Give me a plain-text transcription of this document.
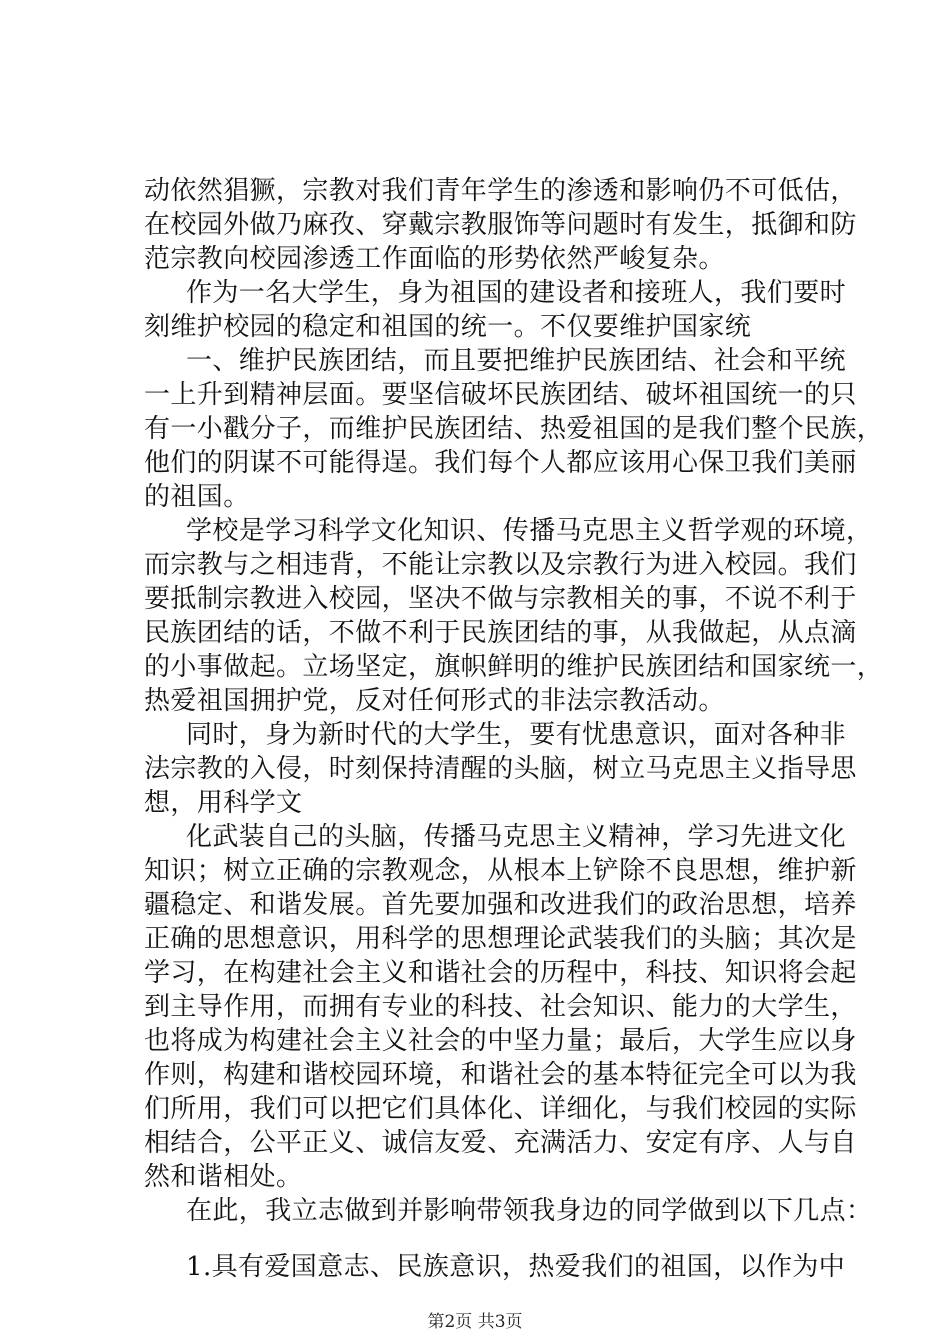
动依然猖獗，宗教对我们青年学生的渗透和影响仍不可低估，
在校园外做乃麻孜、穿戴宗教服饰等问题时有发生，抵御和防
范宗教向校园渗透工作面临的形势依然严峻复杂。
作为一名大学生，身为祖国的建设者和接班人，我们要时
刻维护校园的稳定和祖国的统一。不仅要维护国家统
一、维护民族团结，而且要把维护民族团结、社会和平统
一上升到精神层面。要坚信破坏民族团结、破坏祖国统一的只
有一小戳分子，而维护民族团结、热爱祖国的是我们整个民族，
他们的阴谋不可能得逞。我们每个人都应该用心保卫我们美丽
的祖国。
学校是学习科学文化知识、传播马克思主义哲学观的环境，
而宗教与之相违背，不能让宗教以及宗教行为进入校园。我们
要抵制宗教进入校园，坚决不做与宗教相关的事，不说不利于
民族团结的话，不做不利于民族团结的事，从我做起，从点滴
的小事做起。立场坚定，旗帜鲜明的维护民族团结和国家统一，
热爱祖国拥护党，反对任何形式的非法宗教活动。
同时，身为新时代的大学生，要有忧患意识，面对各种非
法宗教的入侵，时刻保持清醒的头脑，树立马克思主义指导思
想，用科学文
化武装自己的头脑，传播马克思主义精神，学习先进文化
知识；树立正确的宗教观念，从根本上铲除不良思想，维护新
疆稳定、和谐发展。首先要加强和改进我们的政治思想，培养
正确的思想意识，用科学的思想理论武装我们的头脑；其次是
学习，在构建社会主义和谐社会的历程中，科技、知识将会起
到主导作用，而拥有专业的科技、社会知识、能力的大学生，
也将成为构建社会主义社会的中坚力量；最后，大学生应以身
作则，构建和谐校园环境，和谐社会的基本特征完全可以为我
们所用，我们可以把它们具体化、详细化，与我们校园的实际
相结合，公平正义、诚信友爱、充满活力、安定有序、人与自
然和谐相处。
在此，我立志做到并影响带领我身边的同学做到以下几点：
1.具有爱国意志、民族意识，热爱我们的祖国，以作为中
第2页 共3页
